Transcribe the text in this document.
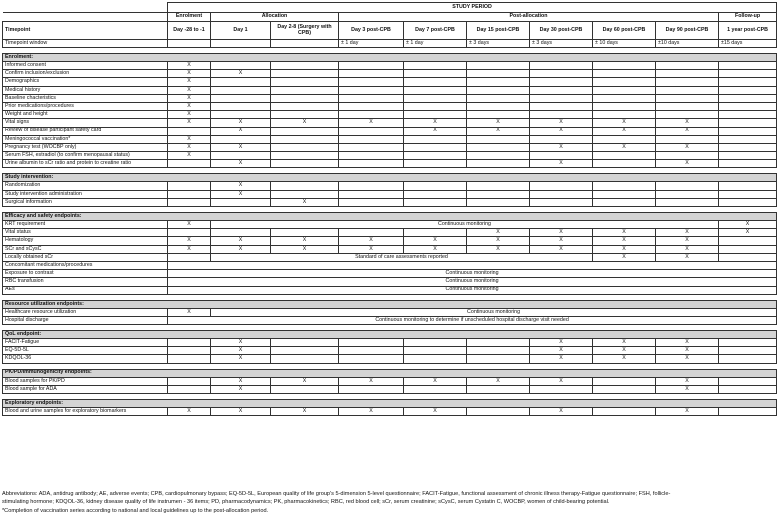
	STUDY PERIOD									
	Enrolment	Allocation		Post-allocation						Follow-up
Timepoint	Day -28 to -1	Day 1	Day 2-8 (Surgery with CPB)	Day 3 post-CPB	Day 7 post-CPB	Day 15 post-CPB	Day 30 post-CPB	Day 60 post-CPB	Day 90 post-CPB	1 year post-CPB
Timepoint window				± 1 day	± 1 day	± 3 days	± 3 days	± 10 days	±10 days	±15 days

Enrolment:										
Informed consent	X									
Confirm inclusion/exclusion	X	X								
Demographics	X									
Medical history	X									
Baseline chacteristics	X									
Prior medications/procedures	X									
Weight and height	X									
Vital signs	X	X	X	X	X	X	X	X	X	
Review of disease participant safety card		X			X	X	X	X	X	
Meningococcal vaccination*	X									
Pregnancy test (WOCBP only)	X	X					X	X	X	
Serum FSH, estradiol (to confirm menopausal status)	X									
Urine albumin to sCr ratio and protein to creatine ratio		X					X		X	

Study intervention:										
Randomization		X								
Study intervention administration		X								
Surgical information			X							

Efficacy and safety endpoints:										
KRT requirement	X	Continuous monitoring								X
Vital status						X	X	X	X	X
Hematology	X	X	X	X	X	X	X	X	X	
SCr and sCysC	X	X	X	X	X	X	X	X	X	
Locally obtained sCr		Standard of care assessments reported						X	X	
Concomitant medications/procedures										
Exposure to contrast	Continuous monitoring									
RBC transfusion	Continuous monitoring									
AEs	Continuous monitoring									

Resource utilization endpoints:										
Healthcare resource utilization	X	Continuous monitoring								
Hospital discharge	Continuous monitoring to determine if unscheduled hospital discharge visit needed									

QoL endpoint:										
FACIT-Fatigue		X					X	X	X	
EQ-5D-5L		X					X	X	X	
KDQOL-36		X					X	X	X	

PK/PD/Immunogenicity endpoints:										
Blood samples for PK/PD		X	X	X	X	X	X		X	
Blood sample for ADA		X							X	

Exploratory endpoints:										
Blood and urine samples for exploratory biomarkers	X	X	X	X	X		X		X	
Abbreviations: ADA, antidrug antibody; AE, adverse events; CPB, cardiopulmonary bypass; EQ-5D-5L, European quality of life group's 5-dimension 5-level questionnaire; FACIT-Fatigue, functional assessment of chronic illness therapy-Fatigue questionnaire; FSH, follicle-
stimulating hormone; KDQOL-36, kidney disease quality of life instrumen - 36 items; PD, pharmacodynamics; PK, pharmacokinetics; RBC, red blood cell; sCr, serum creatinine; sCysC, serum Cystatin C, WOCBP, women of child-bearing potential.
*Completion of vaccination series according to national and local guidelines up to the post-allocation period.
